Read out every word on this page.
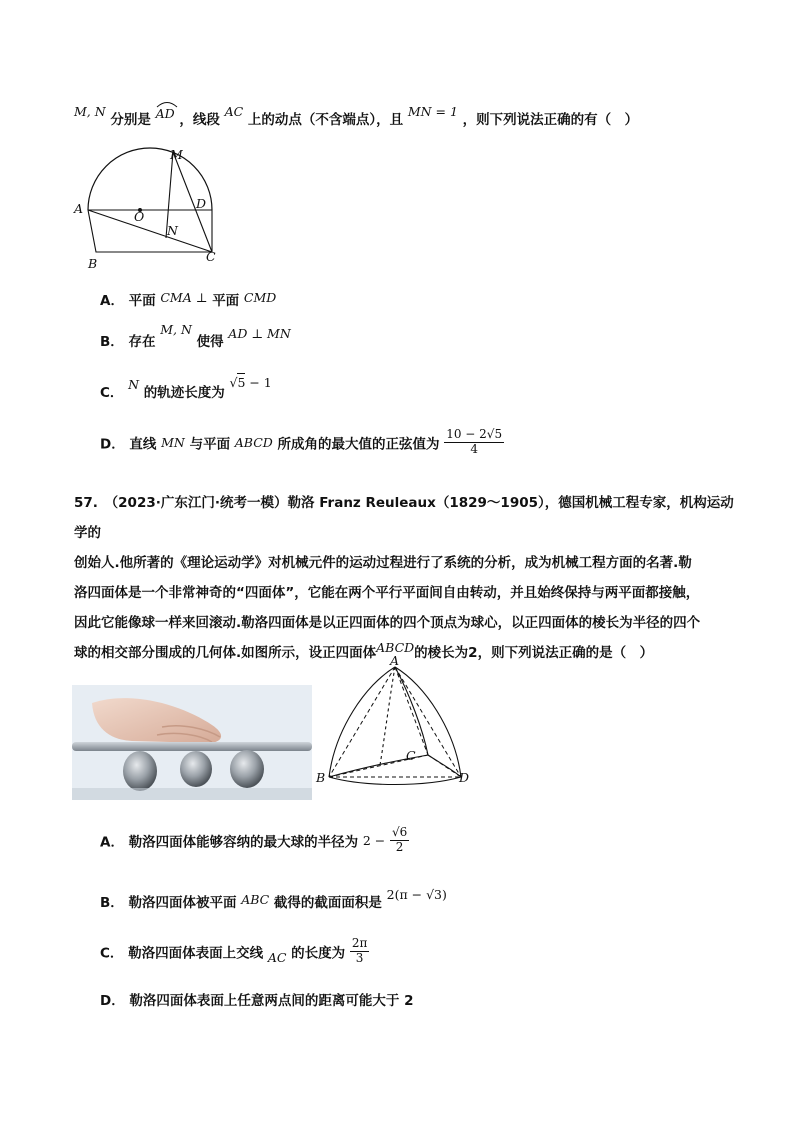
M, N 分别是 AD ，线段 AC 上的动点（不含端点），且 MN = 1 ，则下列说法正确的有（　）
M
A
O
D
N
B	C
A． 平面 CMA ⊥ 平面 CMD
B． 存在 M, N 使得 AD ⊥ MN
C． N 的轨迹长度为 √5 − 1
D． 直线 MN 与平面 ABCD 所成角的最大值的正弦值为 $\frac{10 - 2√5}{4}$
57.　（2023·广东江门·统考一模）勒洛 Franz Reuleaux（1829～1905），德国机械工程专家，机构运动学的
创始人.他所著的《理论运动学》对机械元件的运动过程进行了系统的分析，成为机械工程方面的名著.勒
洛四面体是一个非常神奇的“四面体”，它能在两个平行平面间自由转动，并且始终保持与两平面都接触，
因此它能像球一样来回滚动.勒洛四面体是以正四面体的四个顶点为球心，以正四面体的棱长为半径的四个
球的相交部分围成的几何体.如图所示，设正四面体ABCD的棱长为2，则下列说法正确的是（　）
A
B
C
D
A． 勒洛四面体能够容纳的最大球的半径为 $2 - \frac{√6}{2}$
B． 勒洛四面体被平面 ABC 截得的截面面积是 2(π − √3)
C． 勒洛四面体表面上交线 AC 的长度为 $\frac{2\pi}{3}$
D． 勒洛四面体表面上任意两点间的距离可能大于 2
